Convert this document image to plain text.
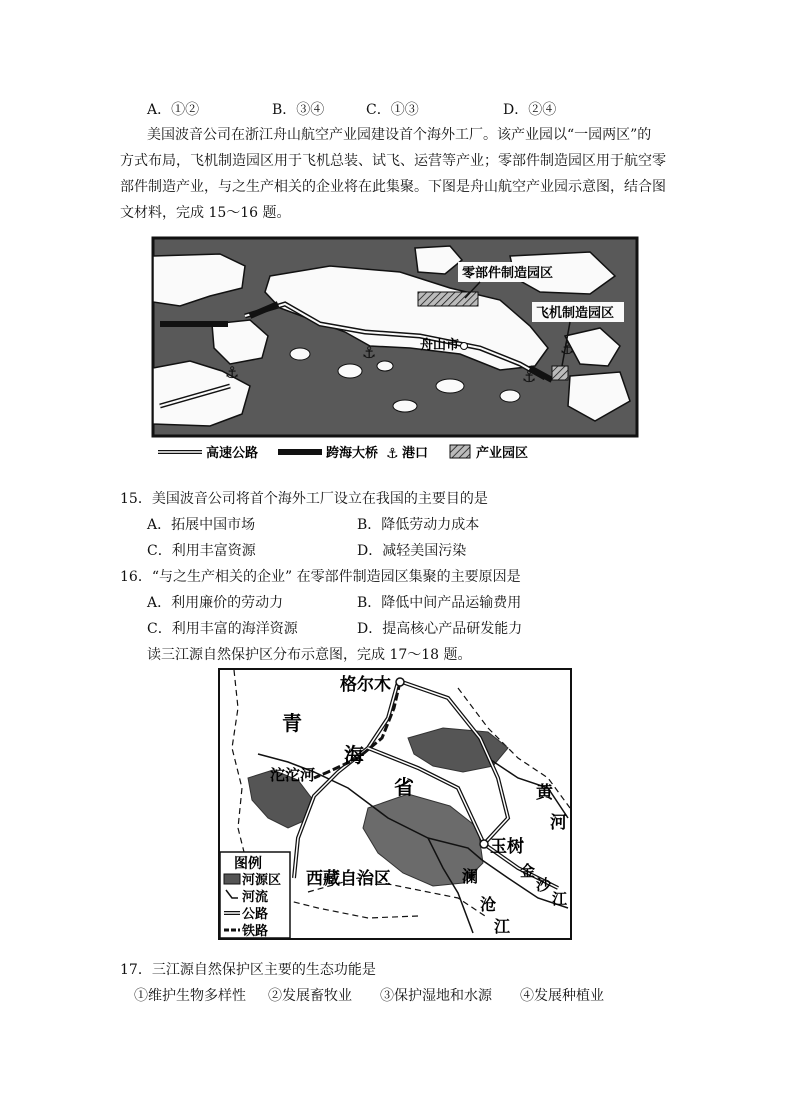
A．①②	B．③④	C．①③	D．②④
美国波音公司在浙江舟山航空产业园建设首个海外工厂。该产业园以“一园两区”的
方式布局，飞机制造园区用于飞机总装、试飞、运营等产业；零部件制造园区用于航空零
部件制造产业，与之生产相关的企业将在此集聚。下图是舟山航空产业园示意图，结合图
文材料，完成 15～16 题。
⚓
⚓
⚓
⚓
零部件制造园区
飞机制造园区
舟山市
高速公路	跨海大桥 ⚓ 港口	产业园区
15．美国波音公司将首个海外工厂设立在我国的主要目的是
A．拓展中国市场	B．降低劳动力成本
C．利用丰富资源	D．减轻美国污染
16．“与之生产相关的企业” 在零部件制造园区集聚的主要原因是
A．利用廉价的劳动力	B．降低中间产品运输费用
C．利用丰富的海洋资源	D．提高核心产品研发能力
读三江源自然保护区分布示意图，完成 17～18 题。
格尔木
青
海
省
沱沱河
黄
河
玉树
金
沙
江
澜
沧
江
西藏自治区
图例
河源区
河流
公路
铁路
17．三江源自然保护区主要的生态功能是
①维护生物多样性 ②发展畜牧业 ③保护湿地和水源 ④发展种植业
